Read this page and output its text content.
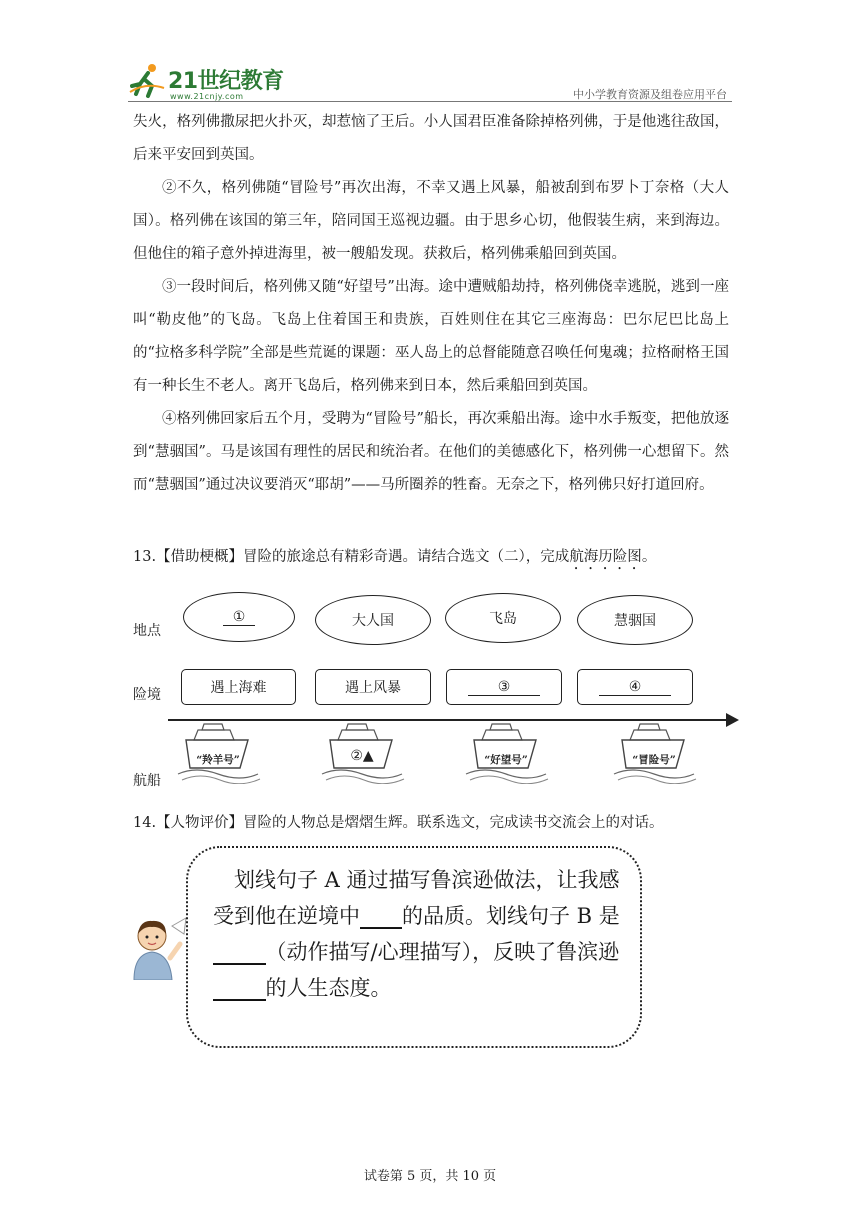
21世纪教育
www.21cnjy.com	中小学教育资源及组卷应用平台

失火，格列佛撒尿把火扑灭，却惹恼了王后。小人国君臣准备除掉格列佛，于是他逃往敌国，后来平安回到英国。

②不久，格列佛随“冒险号”再次出海，不幸又遇上风暴，船被刮到布罗卜丁奈格（大人国）。格列佛在该国的第三年，陪同国王巡视边疆。由于思乡心切，他假装生病，来到海边。但他住的箱子意外掉进海里，被一艘船发现。获救后，格列佛乘船回到英国。

③一段时间后，格列佛又随“好望号”出海。途中遭贼船劫持，格列佛侥幸逃脱，逃到一座叫“勒皮他”的飞岛。飞岛上住着国王和贵族，百姓则住在其它三座海岛：巴尔尼巴比岛上的“拉格多科学院”全部是些荒诞的课题：巫人岛上的总督能随意召唤任何鬼魂；拉格耐格王国有一种长生不老人。离开飞岛后，格列佛来到日本，然后乘船回到英国。

④格列佛回家后五个月，受聘为“冒险号”船长，再次乘船出海。途中水手叛变，把他放逐到“慧骃国”。马是该国有理性的居民和统治者。在他们的美德感化下，格列佛一心想留下。然而“慧骃国”通过决议要消灭“耶胡”——马所圈养的牲畜。无奈之下，格列佛只好打道回府。

13.【借助梗概】冒险的旅途总有精彩奇遇。请结合选文（二），完成航海历险图。
地点
险境
航船
①	大人国	飞岛	慧骃国
遇上海难	遇上风暴	③	④
“羚羊号”	②▲	“好望号”	“冒险号”
14.【人物评价】冒险的人物总是熠熠生辉。联系选文，完成读书交流会上的对话。

划线句子 A 通过描写鲁滨逊做法，让我感受到他在逆境中____的品质。划线句子 B 是_____（动作描写/心理描写），反映了鲁滨逊_____的人生态度。

试卷第 5 页，共 10 页
